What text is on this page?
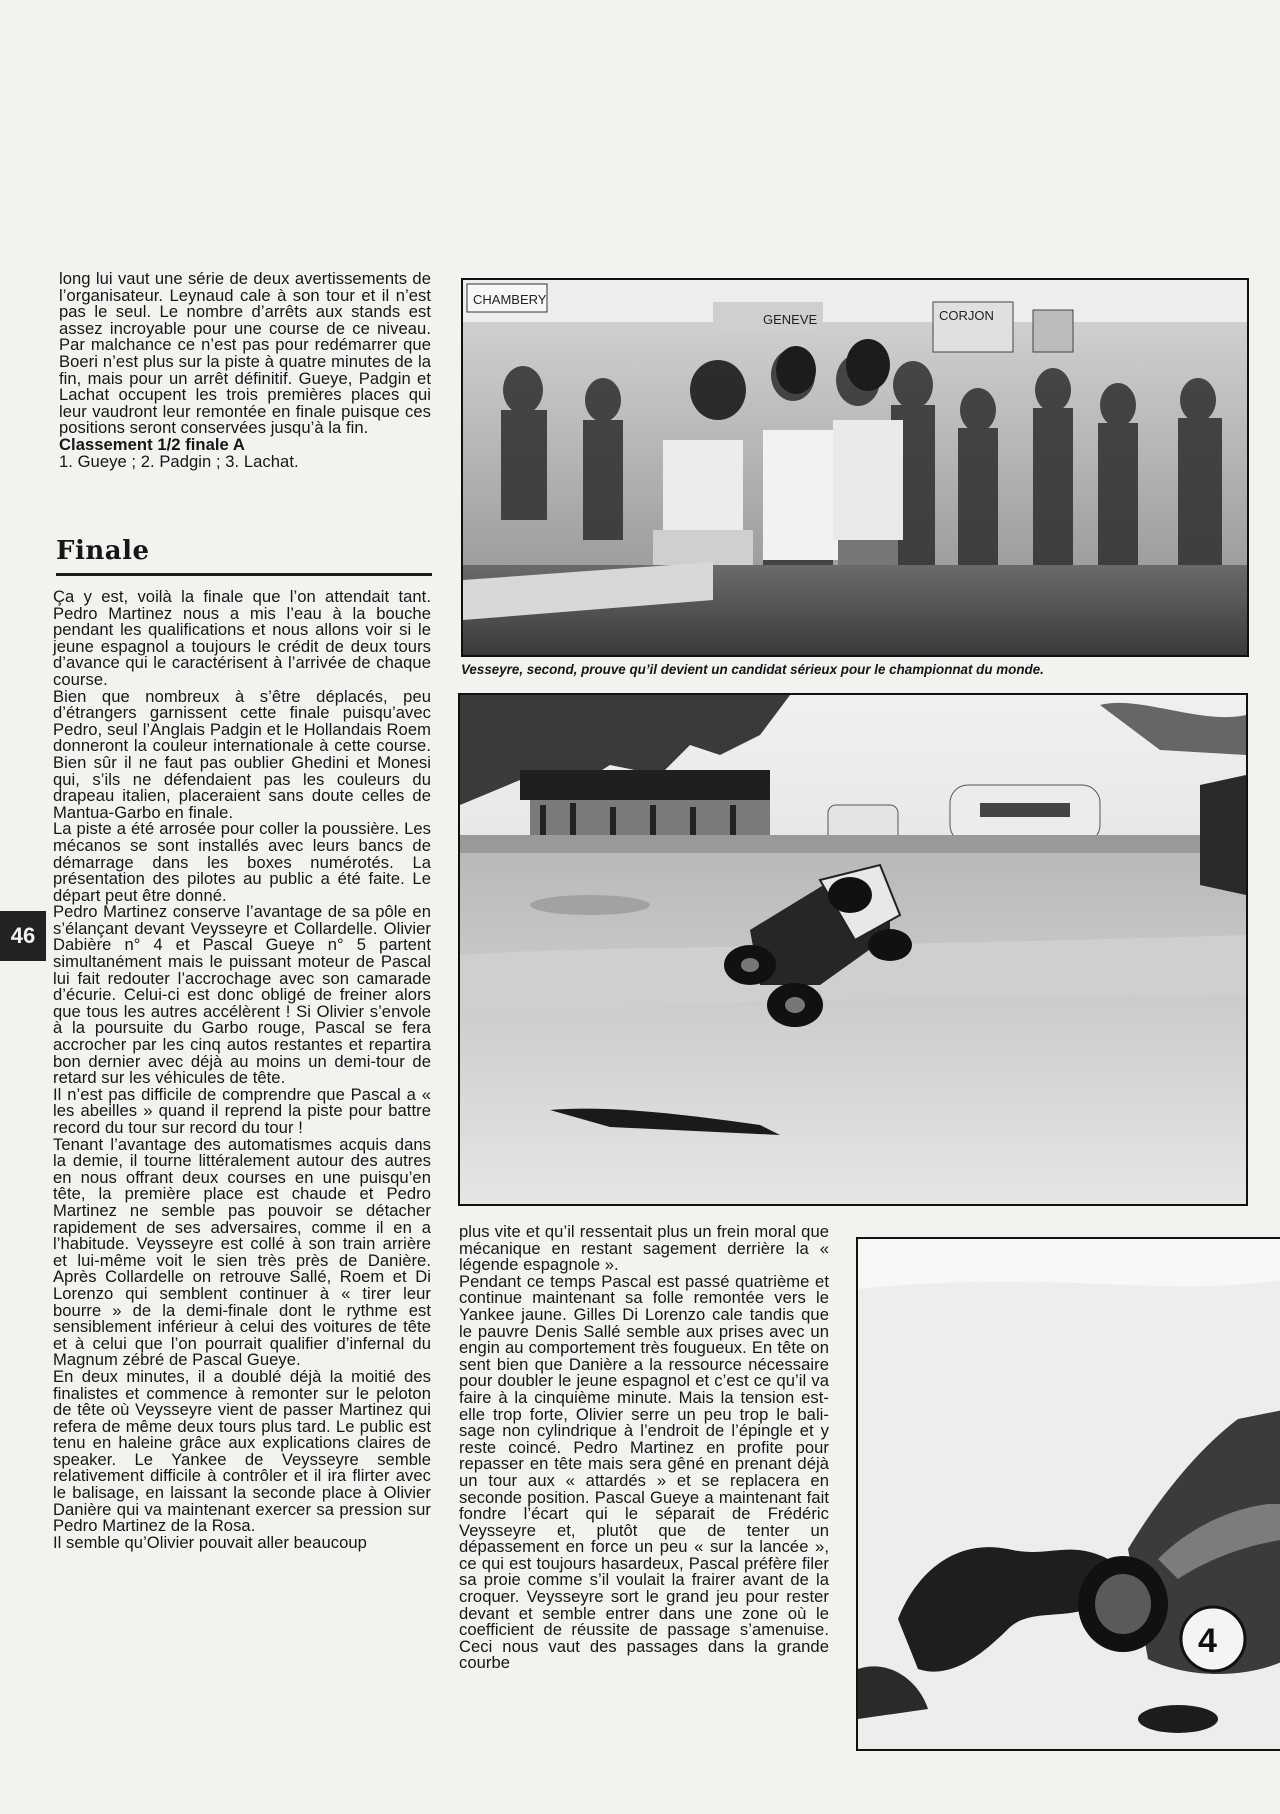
long lui vaut une série de deux avertissements de l’organisateur. Leynaud cale à son tour et il n’est pas le seul. Le nombre d’arrêts aux stands est assez incroyable pour une course de ce niveau. Par malchance ce n’est pas pour redémarrer que Boeri n’est plus sur la piste à quatre minutes de la fin, mais pour un arrêt définitif. Gueye, Padgin et Lachat occupent les trois premières places qui leur vaudront leur remontée en finale puisque ces positions seront conservées jusqu’à la fin.

Classement 1/2 finale A

1. Gueye ; 2. Padgin ; 3. Lachat.

Finale

Ça y est, voilà la finale que l’on attendait tant. Pedro Martinez nous a mis l’eau à la bouche pendant les qualifications et nous allons voir si le jeune espagnol a toujours le crédit de deux tours d’avance qui le caractérisent à l’arrivée de chaque course.

Bien que nombreux à s’être déplacés, peu d’étrangers garnissent cette finale puisqu’avec Pedro, seul l’Anglais Padgin et le Hollandais Roem donneront la couleur internationale à cette course. Bien sûr il ne faut pas oublier Ghedini et Monesi qui, s’ils ne défendaient pas les couleurs du drapeau italien, placeraient sans doute celles de Mantua-Garbo en finale.

La piste a été arrosée pour coller la poussière. Les mécanos se sont installés avec leurs bancs de démarrage dans les boxes numérotés. La présentation des pilotes au public a été faite. Le départ peut être donné.

Pedro Martinez conserve l’avantage de sa pôle en s’élançant devant Veysseyre et Collardelle. Olivier Dabière n° 4 et Pascal Gueye n° 5 partent simultanément mais le puissant moteur de Pascal lui fait redouter l’accrochage avec son camarade d’écurie. Celui-ci est donc obligé de freiner alors que tous les autres accélèrent ! Si Olivier s’envole à la poursuite du Garbo rouge, Pascal se fera accrocher par les cinq autos restantes et repartira bon dernier avec déjà au moins un demi-tour de retard sur les véhicules de tête.

Il n’est pas difficile de comprendre que Pascal a « les abeilles » quand il reprend la piste pour battre record du tour sur record du tour !

Tenant l’avantage des automatismes acquis dans la demie, il tourne littéralement autour des autres en nous offrant deux courses en une puisqu’en tête, la première place est chaude et Pedro Martinez ne semble pas pouvoir se détacher rapidement de ses adversaires, comme il en a l’habitude. Veysseyre est collé à son train arrière et lui-même voit le sien très près de Danière. Après Collardelle on retrouve Sallé, Roem et Di Lorenzo qui semblent continuer à « tirer leur bourre » de la demi-finale dont le rythme est sensiblement inférieur à celui des voitures de tête et à celui que l’on pourrait qualifier d’infernal du Magnum zébré de Pascal Gueye.

En deux minutes, il a doublé déjà la moitié des finalistes et commence à remonter sur le peloton de tête où Veysseyre vient de passer Martinez qui refera de même deux tours plus tard. Le public est tenu en haleine grâce aux explications claires de speaker. Le Yankee de Veysseyre semble relativement difficile à contrôler et il ira flirter avec le balisage, en laissant la seconde place à Olivier Danière qui va maintenant exercer sa pression sur Pedro Martinez de la Rosa.

Il semble qu’Olivier pouvait aller beaucoup

46
CHAMBERY
GENEVE	CORJON
Vesseyre, second, prouve qu’il devient un candidat sérieux pour le championnat du monde.
4

plus vite et qu’il ressentait plus un frein moral que mécanique en restant sagement derrière la « légende espagnole ».

Pendant ce temps Pascal est passé quatrième et continue maintenant sa folle remontée vers le Yankee jaune. Gilles Di Lorenzo cale tandis que le pauvre Denis Sallé semble aux prises avec un engin au comportement très fougueux. En tête on sent bien que Danière a la ressource nécessaire pour doubler le jeune espagnol et c’est ce qu’il va faire à la cinquième minute. Mais la tension est-elle trop forte, Olivier serre un peu trop le bali-sage non cylindrique à l’endroit de l’épingle et y reste coincé. Pedro Martinez en profite pour repasser en tête mais sera gêné en prenant déjà un tour aux « attardés » et se replacera en seconde position. Pascal Gueye a maintenant fait fondre l’écart qui le séparait de Frédéric Veysseyre et, plutôt que de tenter un dépassement en force un peu « sur la lancée », ce qui est toujours hasardeux, Pascal préfère filer sa proie comme s’il voulait la frairer avant de la croquer. Veysseyre sort le grand jeu pour rester devant et semble entrer dans une zone où le coefficient de réussite de passage s’amenuise. Ceci nous vaut des passages dans la grande courbe
